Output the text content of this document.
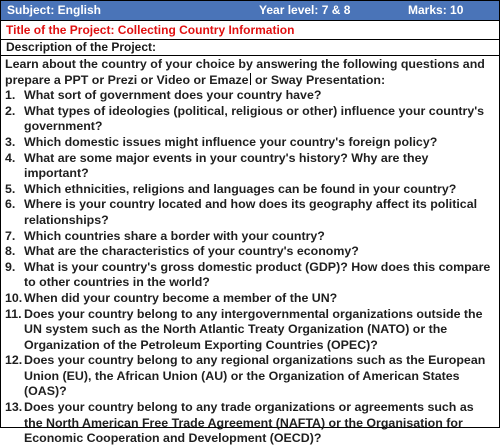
Subject: English	Year level: 7 & 8	Marks: 10
Title of the Project: Collecting Country Information
Description of the Project:
Learn about the country of your choice by answering the following questions and prepare a PPT or Prezi or Video or Emaze or Sway Presentation:
1. What sort of government does your country have?
2. What types of ideologies (political, religious or other) influence your country's government?
3. Which domestic issues might influence your country's foreign policy?
4. What are some major events in your country's history? Why are they important?
5. Which ethnicities, religions and languages can be found in your country?
6. Where is your country located and how does its geography affect its political relationships?
7. Which countries share a border with your country?
8. What are the characteristics of your country's economy?
9. What is your country's gross domestic product (GDP)? How does this compare to other countries in the world?
10. When did your country become a member of the UN?
11. Does your country belong to any intergovernmental organizations outside the UN system such as the North Atlantic Treaty Organization (NATO) or the Organization of the Petroleum Exporting Countries (OPEC)?
12. Does your country belong to any regional organizations such as the European Union (EU), the African Union (AU) or the Organization of American States (OAS)?
13. Does your country belong to any trade organizations or agreements such as the North American Free Trade Agreement (NAFTA) or the Organisation for Economic Cooperation and Development (OECD)?
